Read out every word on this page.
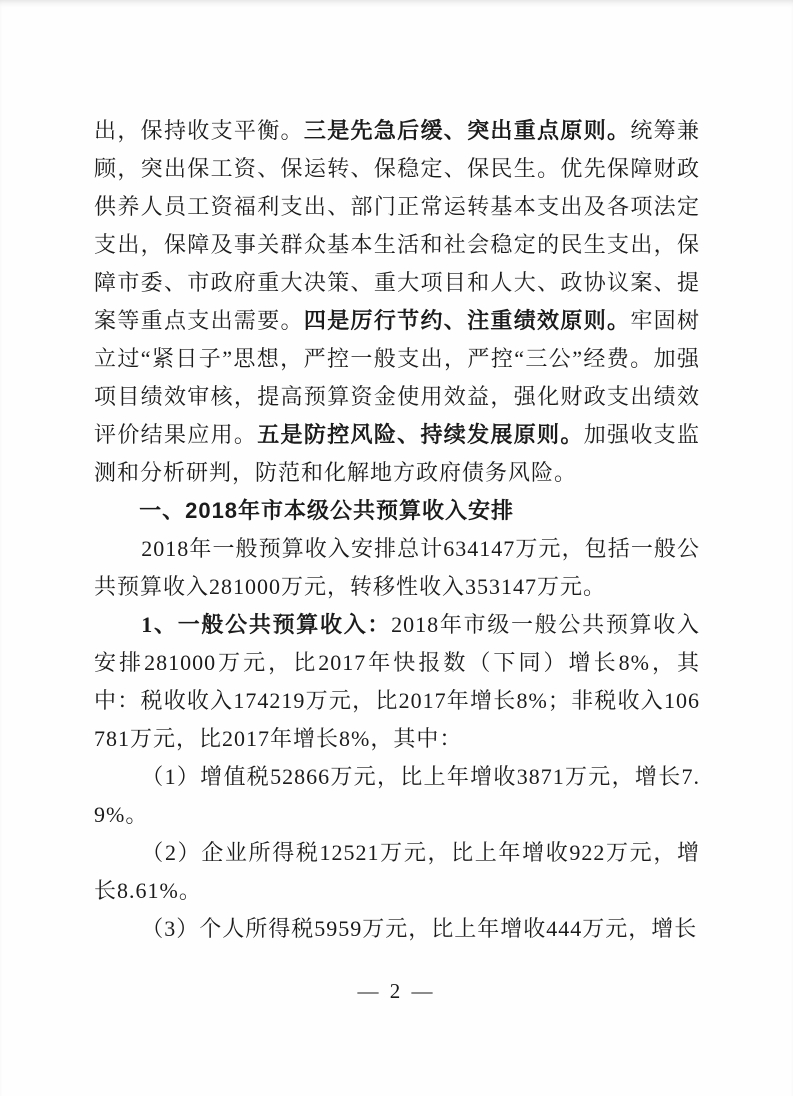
出，保持收支平衡。三是先急后缓、突出重点原则。统筹兼顾，突出保工资、保运转、保稳定、保民生。优先保障财政供养人员工资福利支出、部门正常运转基本支出及各项法定支出，保障及事关群众基本生活和社会稳定的民生支出，保障市委、市政府重大决策、重大项目和人大、政协议案、提案等重点支出需要。四是厉行节约、注重绩效原则。牢固树立过“紧日子”思想，严控一般支出，严控“三公”经费。加强项目绩效审核，提高预算资金使用效益，强化财政支出绩效评价结果应用。五是防控风险、持续发展原则。加强收支监测和分析研判，防范和化解地方政府债务风险。

一、2018年市本级公共预算收入安排

2018年一般预算收入安排总计634147万元，包括一般公共预算收入281000万元，转移性收入353147万元。

1、一般公共预算收入：2018年市级一般公共预算收入安排281000万元，比2017年快报数（下同）增长8%，其中：税收收入174219万元，比2017年增长8%；非税收入106781万元，比2017年增长8%，其中：

（1）增值税52866万元，比上年增收3871万元，增长7.9%。

（2）企业所得税12521万元，比上年增收922万元，增长8.61%。

（3）个人所得税5959万元，比上年增收444万元，增长

— 2 —
